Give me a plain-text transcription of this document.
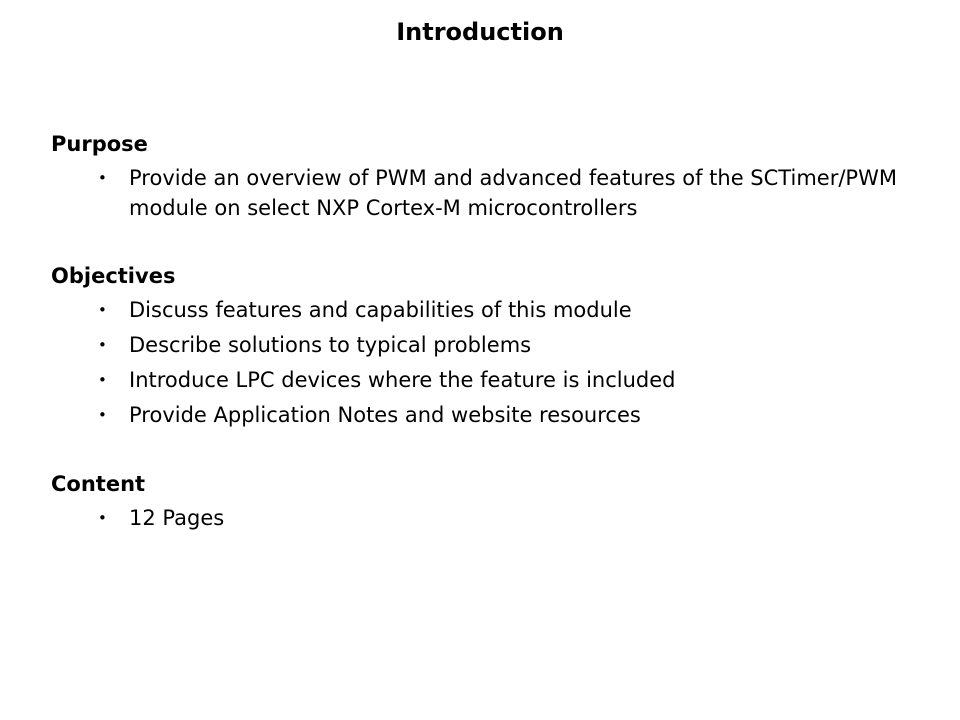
Introduction

Purpose

• Provide an overview of PWM and advanced features of the SCTimer/PWM module on select NXP Cortex-M microcontrollers

Objectives

• Discuss features and capabilities of this module
• Describe solutions to typical problems
• Introduce LPC devices where the feature is included
• Provide Application Notes and website resources

Content

• 12 Pages
